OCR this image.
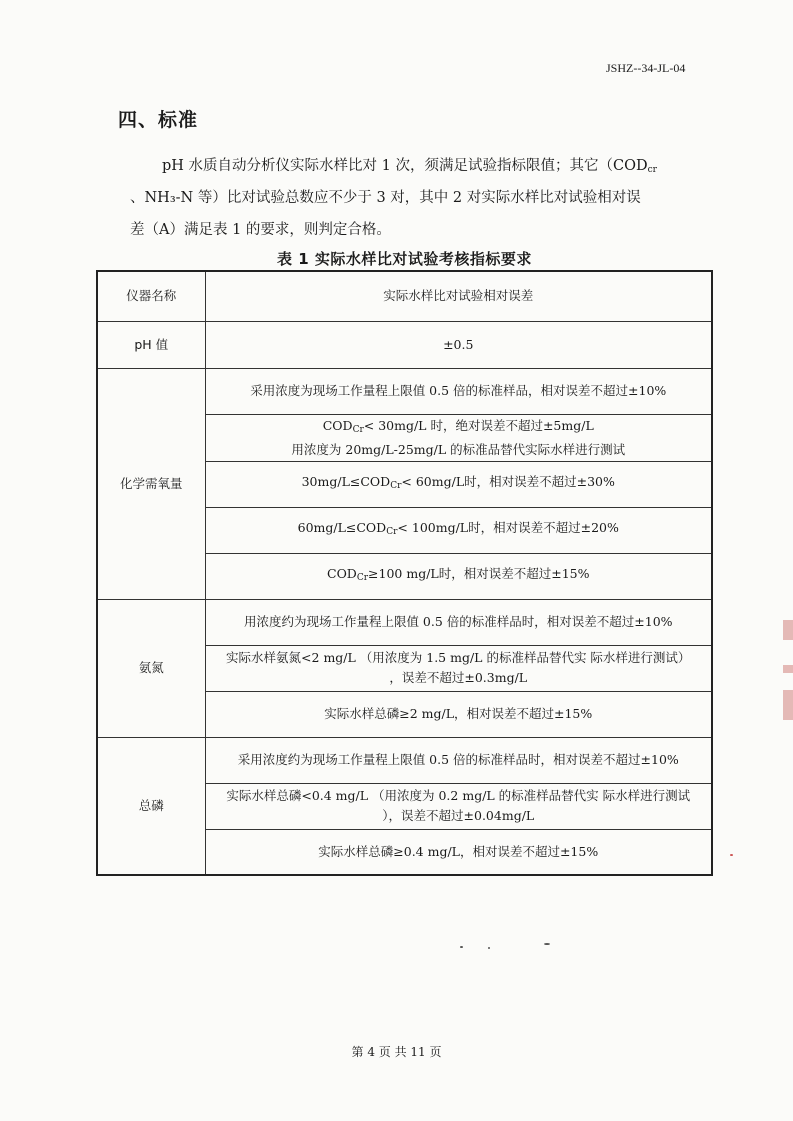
JSHZ--34-JL-04
四、标准
pH 水质自动分析仪实际水样比对 1 次，须满足试验指标限值；其它（$COD_{cr}$
、NH₃-N 等）比对试验总数应不少于 3 对，其中 2 对实际水样比对试验相对误
差（A）满足表 1 的要求，则判定合格。
表 1 实际水样比对试验考核指标要求
仪器名称	实际水样比对试验相对误差
pH 值	±0.5
化学需氧量	采用浓度为现场工作量程上限值 0.5 倍的标准样品，相对误差不超过±10%

	$COD_{Cr}< 30mg/L$ 时，绝对误差不超过±5mg/L
用浓度为 20mg/L-25mg/L 的标准品替代实际水样进行测试

	$30mg/L\le COD_{Cr}< 60mg/L$时，相对误差不超过±30%
	$60mg/L\le COD_{Cr}< 100mg/L$时，相对误差不超过±20%
	$COD_{Cr}\ge 100$ mg/L时，相对误差不超过±15%
氨氮	用浓度约为现场工作量程上限值 0.5 倍的标准样品时，相对误差不超过±10%

	实际水样氨氮<2 mg/L （用浓度为 1.5 mg/L 的标准样品替代实 际水样进行测试）
，误差不超过±0.3mg/L

	实际水样总磷≥2 mg/L，相对误差不超过±15%
总磷	采用浓度约为现场工作量程上限值 0.5 倍的标准样品时，相对误差不超过±10%

	实际水样总磷<0.4 mg/L （用浓度为 0.2 mg/L 的标准样品替代实 际水样进行测试
），误差不超过±0.04mg/L

	实际水样总磷≥0.4 mg/L，相对误差不超过±15%
第 4 页 共 11 页
